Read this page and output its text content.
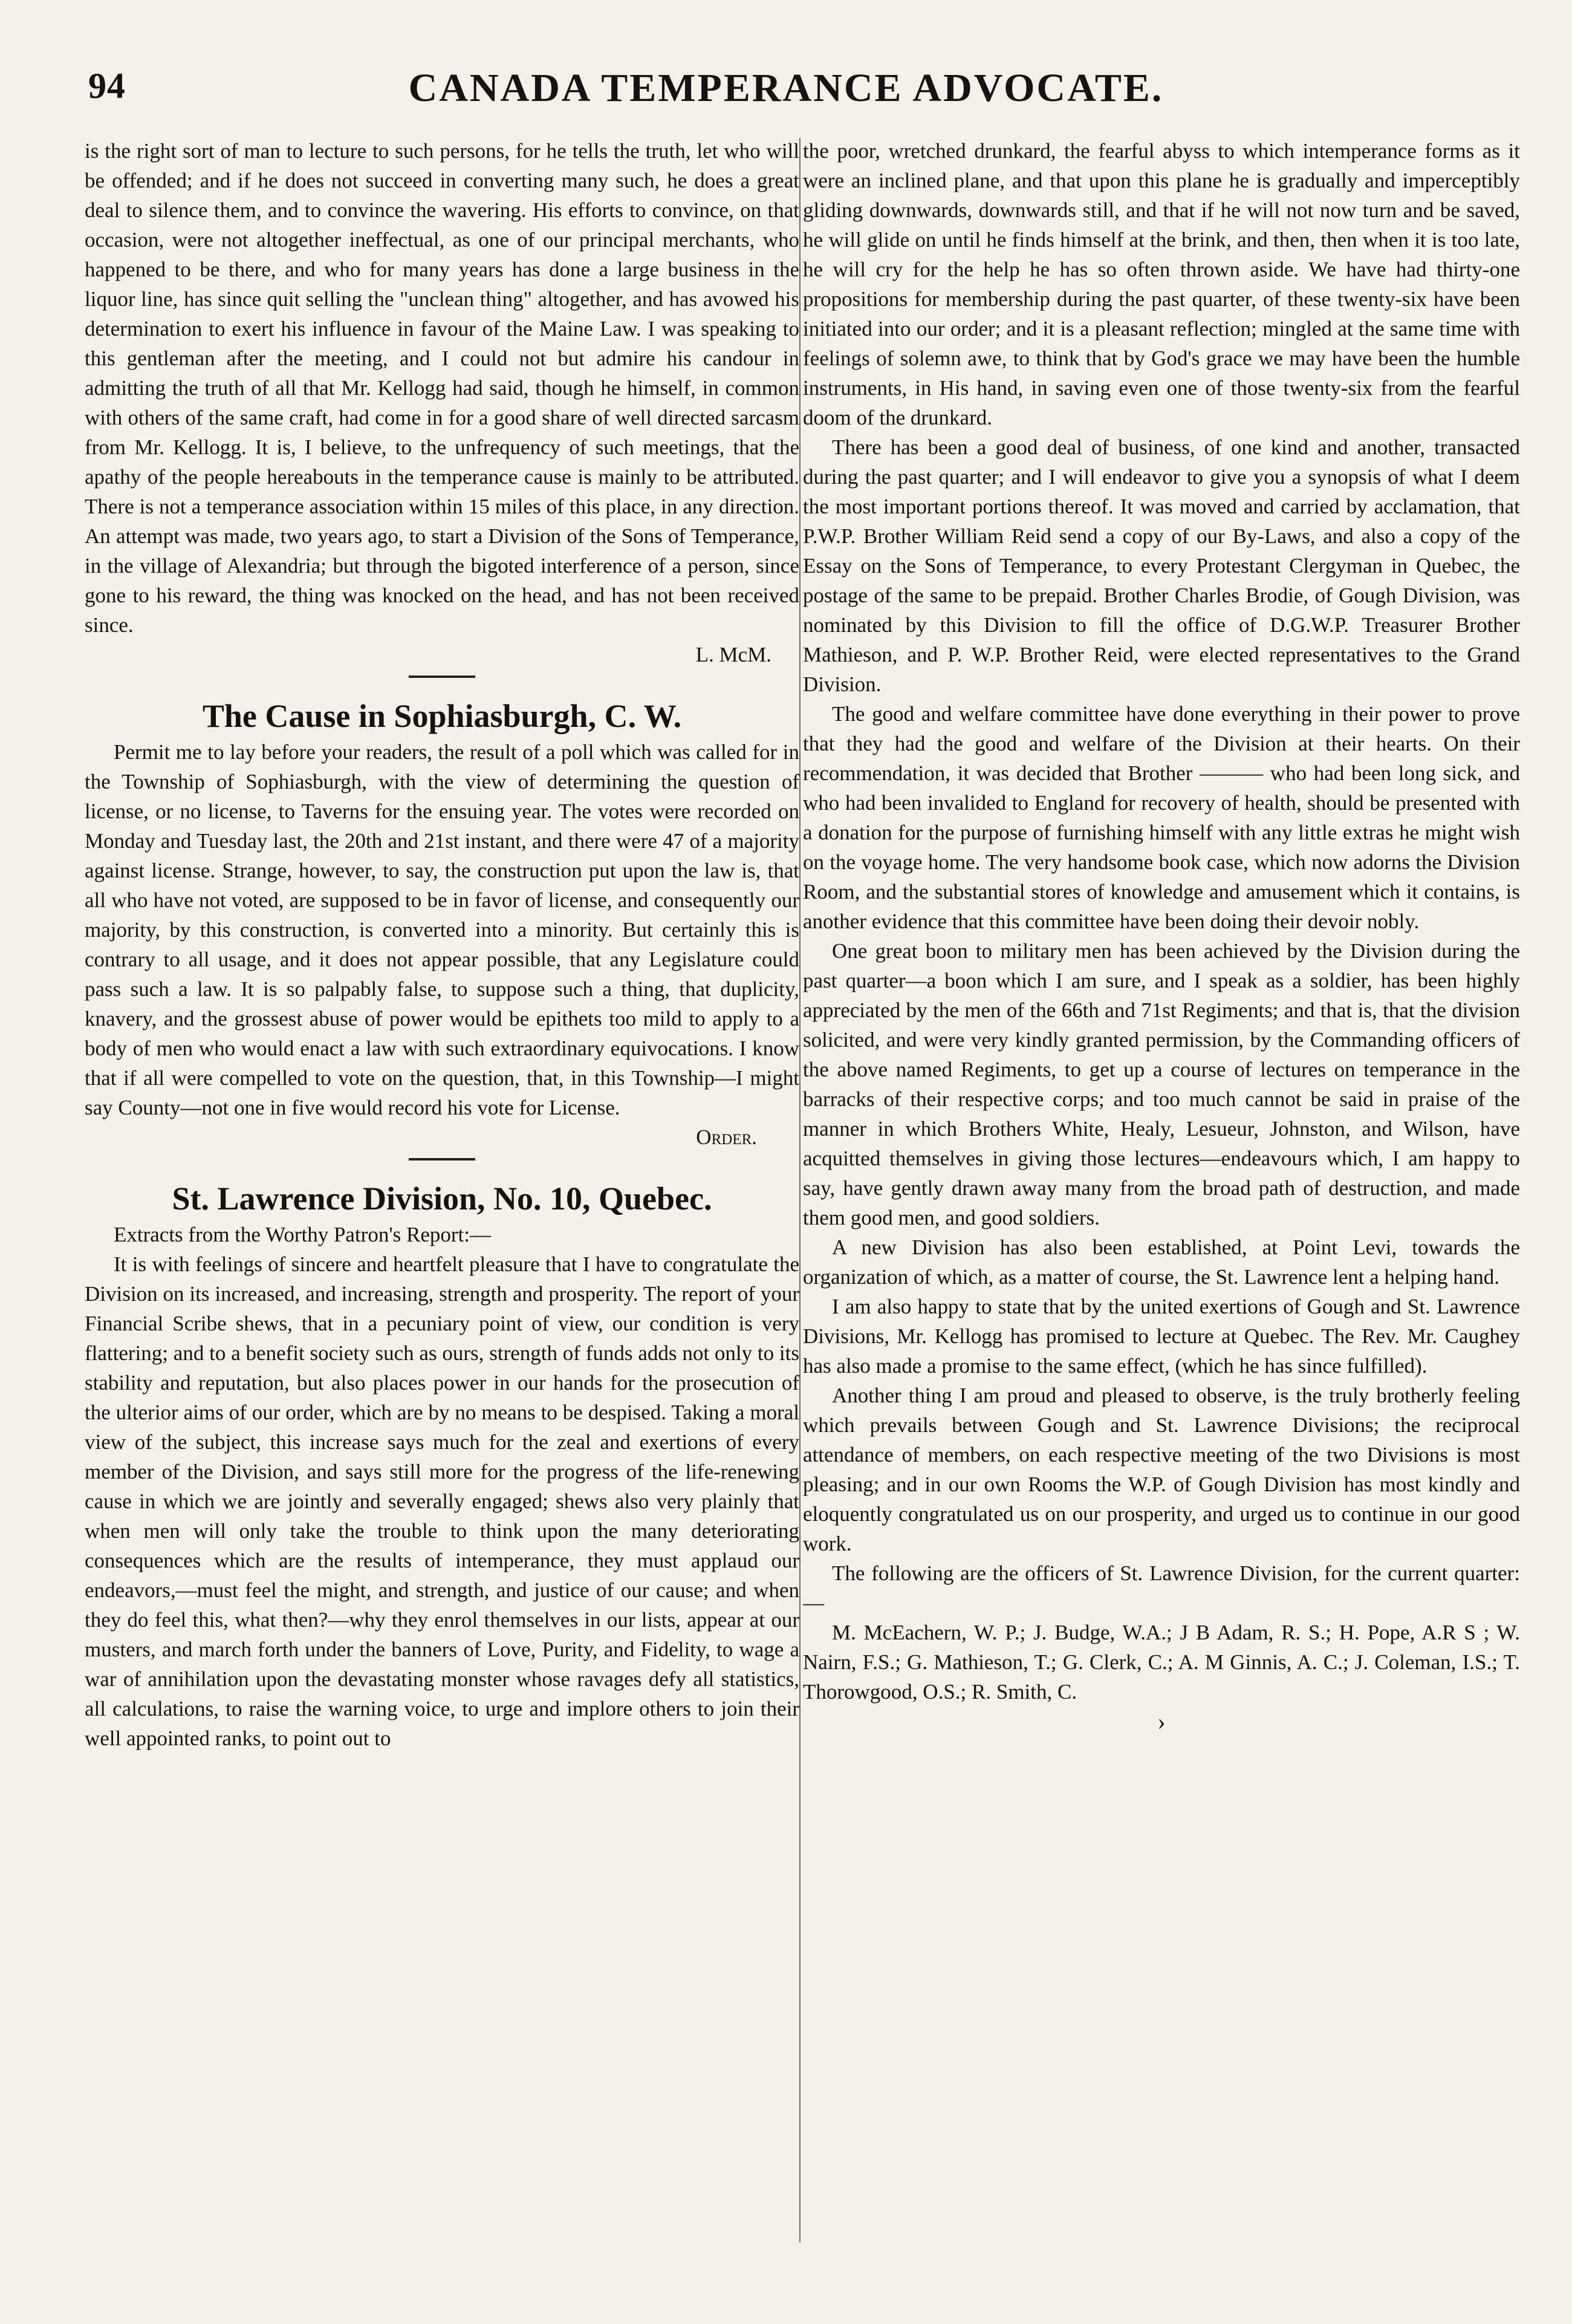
94	CANADA TEMPERANCE ADVOCATE.

is the right sort of man to lecture to such persons, for he tells the truth, let who will be offended; and if he does not succeed in converting many such, he does a great deal to silence them, and to convince the wavering. His efforts to convince, on that occasion, were not altogether ineffectual, as one of our principal merchants, who happened to be there, and who for many years has done a large business in the liquor line, has since quit selling the "unclean thing" altogether, and has avowed his determination to exert his influence in favour of the Maine Law. I was speaking to this gentleman after the meeting, and I could not but admire his candour in admitting the truth of all that Mr. Kellogg had said, though he himself, in common with others of the same craft, had come in for a good share of well directed sarcasm from Mr. Kellogg. It is, I believe, to the unfrequency of such meetings, that the apathy of the people hereabouts in the temperance cause is mainly to be attributed. There is not a temperance association within 15 miles of this place, in any direction. An attempt was made, two years ago, to start a Division of the Sons of Temperance, in the village of Alexandria; but through the bigoted interference of a person, since gone to his reward, the thing was knocked on the head, and has not been received since.

L. McM.

The Cause in Sophiasburgh, C. W.

Permit me to lay before your readers, the result of a poll which was called for in the Township of Sophiasburgh, with the view of determining the question of license, or no license, to Taverns for the ensuing year. The votes were recorded on Monday and Tuesday last, the 20th and 21st instant, and there were 47 of a majority against license. Strange, however, to say, the construction put upon the law is, that all who have not voted, are supposed to be in favor of license, and consequently our majority, by this construction, is converted into a minority. But certainly this is contrary to all usage, and it does not appear possible, that any Legislature could pass such a law. It is so palpably false, to suppose such a thing, that duplicity, knavery, and the grossest abuse of power would be epithets too mild to apply to a body of men who would enact a law with such extraordinary equivocations. I know that if all were compelled to vote on the question, that, in this Township—I might say County—not one in five would record his vote for License.

Order.

St. Lawrence Division, No. 10, Quebec.

Extracts from the Worthy Patron's Report:—

It is with feelings of sincere and heartfelt pleasure that I have to congratulate the Division on its increased, and increasing, strength and prosperity. The report of your Financial Scribe shews, that in a pecuniary point of view, our condition is very flattering; and to a benefit society such as ours, strength of funds adds not only to its stability and reputation, but also places power in our hands for the prosecution of the ulterior aims of our order, which are by no means to be despised. Taking a moral view of the subject, this increase says much for the zeal and exertions of every member of the Division, and says still more for the progress of the life-renewing cause in which we are jointly and severally engaged; shews also very plainly that when men will only take the trouble to think upon the many deteriorating consequences which are the results of intemperance, they must applaud our endeavors,—must feel the might, and strength, and justice of our cause; and when they do feel this, what then?—why they enrol themselves in our lists, appear at our musters, and march forth under the banners of Love, Purity, and Fidelity, to wage a war of annihilation upon the devastating monster whose ravages defy all statistics, all calculations, to raise the warning voice, to urge and implore others to join their well appointed ranks, to point out to

the poor, wretched drunkard, the fearful abyss to which intemperance forms as it were an inclined plane, and that upon this plane he is gradually and imperceptibly gliding downwards, downwards still, and that if he will not now turn and be saved, he will glide on until he finds himself at the brink, and then, then when it is too late, he will cry for the help he has so often thrown aside. We have had thirty-one propositions for membership during the past quarter, of these twenty-six have been initiated into our order; and it is a pleasant reflection; mingled at the same time with feelings of solemn awe, to think that by God's grace we may have been the humble instruments, in His hand, in saving even one of those twenty-six from the fearful doom of the drunkard.

There has been a good deal of business, of one kind and another, transacted during the past quarter; and I will endeavor to give you a synopsis of what I deem the most important portions thereof. It was moved and carried by acclamation, that P.W.P. Brother William Reid send a copy of our By-Laws, and also a copy of the Essay on the Sons of Temperance, to every Protestant Clergyman in Quebec, the postage of the same to be prepaid. Brother Charles Brodie, of Gough Division, was nominated by this Division to fill the office of D.G.W.P. Treasurer Brother Mathieson, and P. W.P. Brother Reid, were elected representatives to the Grand Division.

The good and welfare committee have done everything in their power to prove that they had the good and welfare of the Division at their hearts. On their recommendation, it was decided that Brother ——— who had been long sick, and who had been invalided to England for recovery of health, should be presented with a donation for the purpose of furnishing himself with any little extras he might wish on the voyage home. The very handsome book case, which now adorns the Division Room, and the substantial stores of knowledge and amusement which it contains, is another evidence that this committee have been doing their devoir nobly.

One great boon to military men has been achieved by the Division during the past quarter—a boon which I am sure, and I speak as a soldier, has been highly appreciated by the men of the 66th and 71st Regiments; and that is, that the division solicited, and were very kindly granted permission, by the Commanding officers of the above named Regiments, to get up a course of lectures on temperance in the barracks of their respective corps; and too much cannot be said in praise of the manner in which Brothers White, Healy, Lesueur, Johnston, and Wilson, have acquitted themselves in giving those lectures—endeavours which, I am happy to say, have gently drawn away many from the broad path of destruction, and made them good men, and good soldiers.

A new Division has also been established, at Point Levi, towards the organization of which, as a matter of course, the St. Lawrence lent a helping hand.

I am also happy to state that by the united exertions of Gough and St. Lawrence Divisions, Mr. Kellogg has promised to lecture at Quebec. The Rev. Mr. Caughey has also made a promise to the same effect, (which he has since fulfilled).

Another thing I am proud and pleased to observe, is the truly brotherly feeling which prevails between Gough and St. Lawrence Divisions; the reciprocal attendance of members, on each respective meeting of the two Divisions is most pleasing; and in our own Rooms the W.P. of Gough Division has most kindly and eloquently congratulated us on our prosperity, and urged us to continue in our good work.

The following are the officers of St. Lawrence Division, for the current quarter:—

M. McEachern, W. P.; J. Budge, W.A.; J B Adam, R. S.; H. Pope, A.R S ; W. Nairn, F.S.; G. Mathieson, T.; G. Clerk, C.; A. M Ginnis, A. C.; J. Coleman, I.S.; T. Thorowgood, O.S.; R. Smith, C.

›
